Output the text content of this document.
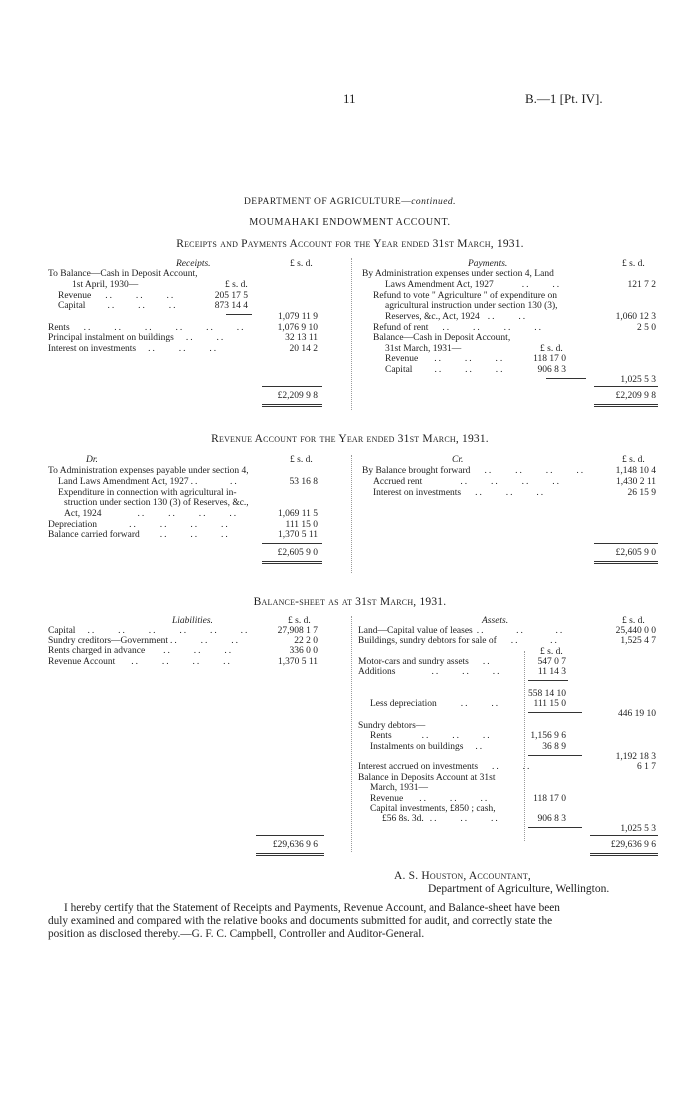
11	B.—1 [Pt. IV].
DEPARTMENT OF AGRICULTURE—continued.
MOUMAHAKI ENDOWMENT ACCOUNT.
Receipts and Payments Account for the Year ended 31st March, 1931.
Receipts.	£ s. d.	Payments.	£ s. d.
To Balance—Cash in Deposit Account,
1st April, 1930—	£ s. d.
Revenue ..     ..     ..	205 17 5
Capital ..     ..     ..	873 14 4
1,079 11 9
Rents ..     ..     ..     ..     ..     ..	1,076 9 10
Principal instalment on buildings ..     ..	32 13 11
Interest on investments ..     ..     ..	20 14 2
£2,209 9 8
By Administration expenses under section 4, Land
Laws Amendment Act, 1927	..     ..	121 7 2
Refund to vote " Agriculture " of expenditure on
agricultural instruction under section 130 (3),
Reserves, &c., Act, 1924 ..     ..	1,060 12 3
Refund of rent ..     ..     ..     ..	2 5 0
Balance—Cash in Deposit Account,
31st March, 1931—	£ s. d.
Revenue ..     ..     ..	118 17 0
Capital ..     ..     ..	906 8 3
1,025 5 3
£2,209 9 8
Revenue Account for the Year ended 31st March, 1931.
Dr.	£ s. d.	Cr.	£ s. d.
To Administration expenses payable under section 4,
Land Laws Amendment Act, 1927 ..       ..	53 16 8
Expenditure in connection with agricultural in-
struction under section 130 (3) of Reserves, &c.,
Act, 1924	..     ..     ..     ..	1,069 11 5
Depreciation	..     ..     ..     ..	111 15 0
Balance carried forward ..     ..     ..	1,370 5 11
£2,605 9 0
By Balance brought forward ..     ..     ..     ..	1,148 10 4
Accrued rent	..     ..     ..     ..	1,430 2 11
Interest on investments ..     ..     ..	26 15 9
£2,605 9 0
Balance-sheet as at 31st March, 1931.
Liabilities.	£ s. d.	Assets.	£ s. d.
Capital ..     ..     ..     ..     ..     ..	27,908 1 7
Sundry creditors—Government ..     ..     ..	22 2 0
Rents charged in advance ..     ..     ..	336 0 0
Revenue Account ..     ..     ..     ..	1,370 5 11
£29,636 9 6
Land—Capital value of leases ..       ..       ..	25,440 0 0
Buildings, sundry debtors for sale of ..       ..	1,525 4 7
£ s. d.
Motor-cars and sundry assets ..	547 0 7
Additions	..     ..     ..	11 14 3
558 14 10
Less depreciation	..     ..	111 15 0
446 19 10
Sundry debtors—
Rents	..     ..     ..	1,156 9 6
Instalments on buildings ..	36 8 9
1,192 18 3
Interest accrued on investments ..     ..	6 1 7
Balance in Deposits Account at 31st
March, 1931—
Revenue ..     ..     ..	118 17 0
Capital investments, £850 ; cash,
£56 8s. 3d. ..     ..     ..	906 8 3
1,025 5 3
£29,636 9 6
A. S. Houston, Accountant,
Department of Agriculture, Wellington.
I hereby certify that the Statement of Receipts and Payments, Revenue Account, and Balance-sheet have been
duly examined and compared with the relative books and documents submitted for audit, and correctly state the
position as disclosed thereby.—G. F. C. Campbell, Controller and Auditor-General.
